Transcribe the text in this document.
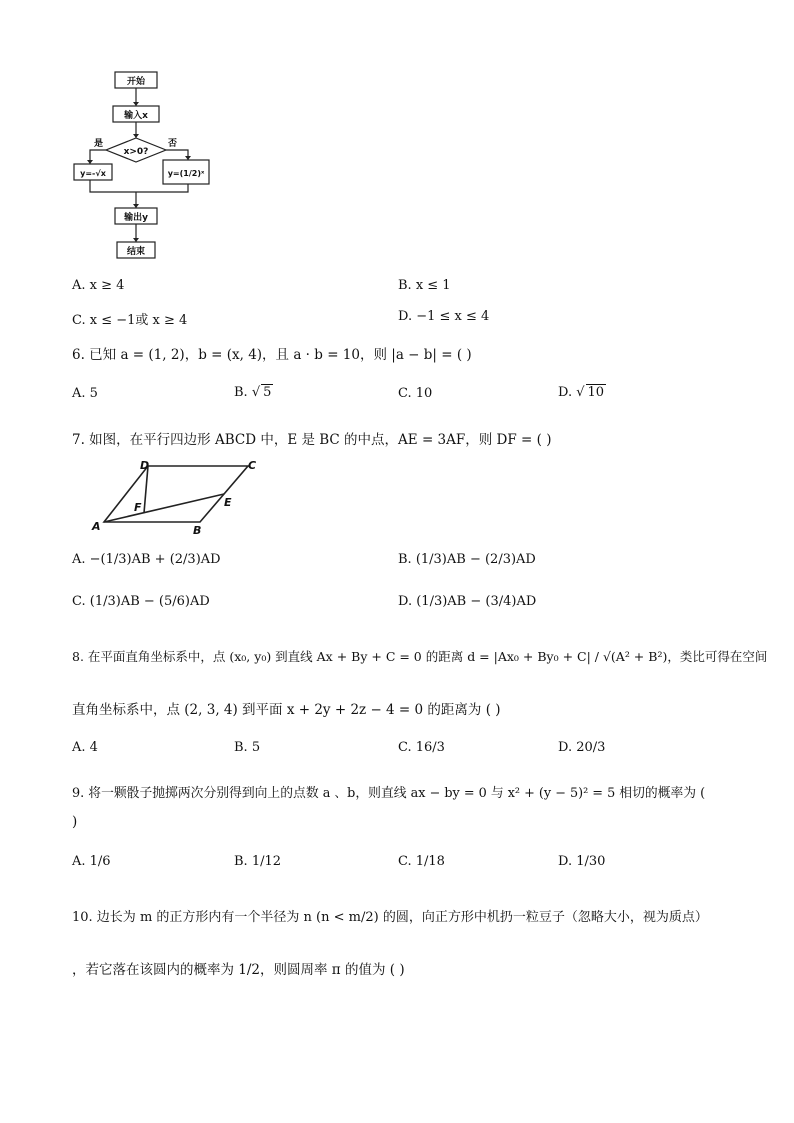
开始
输入x
x>0?
是	否
y=-√x	y=(1/2)ˣ
输出y
结束
A. x ≥ 4	B. x ≤ 1
C. x ≤ −1或 x ≥ 4	D. −1 ≤ x ≤ 4
6. 已知 a = (1, 2)，b = (x, 4)，且 a · b = 10，则 |a − b| = ( )
A. 5	B. √ 5	C. 10	D. √ 10
7. 如图，在平行四边形 ABCD 中，E 是 BC 的中点，AE = 3AF，则 DF = ( )
A	B
C
D
E
F
A. −(1/3)AB + (2/3)AD	B. (1/3)AB − (2/3)AD
C. (1/3)AB − (5/6)AD	D. (1/3)AB − (3/4)AD
8. 在平面直角坐标系中，点 (x₀, y₀) 到直线 Ax + By + C = 0 的距离 d = |Ax₀ + By₀ + C| / √(A² + B²)，类比可得在空间
直角坐标系中，点 (2, 3, 4) 到平面 x + 2y + 2z − 4 = 0 的距离为 ( )
A. 4	B. 5	C. 16/3	D. 20/3
9. 将一颗骰子抛掷两次分别得到向上的点数 a 、b，则直线 ax − by = 0 与 x² + (y − 5)² = 5 相切的概率为 (
)
A. 1/6	B. 1/12	C. 1/18	D. 1/30
10. 边长为 m 的正方形内有一个半径为 n (n < m/2) 的圆，向正方形中机扔一粒豆子（忽略大小，视为质点）
，若它落在该圆内的概率为 1/2，则圆周率 π 的值为 ( )
